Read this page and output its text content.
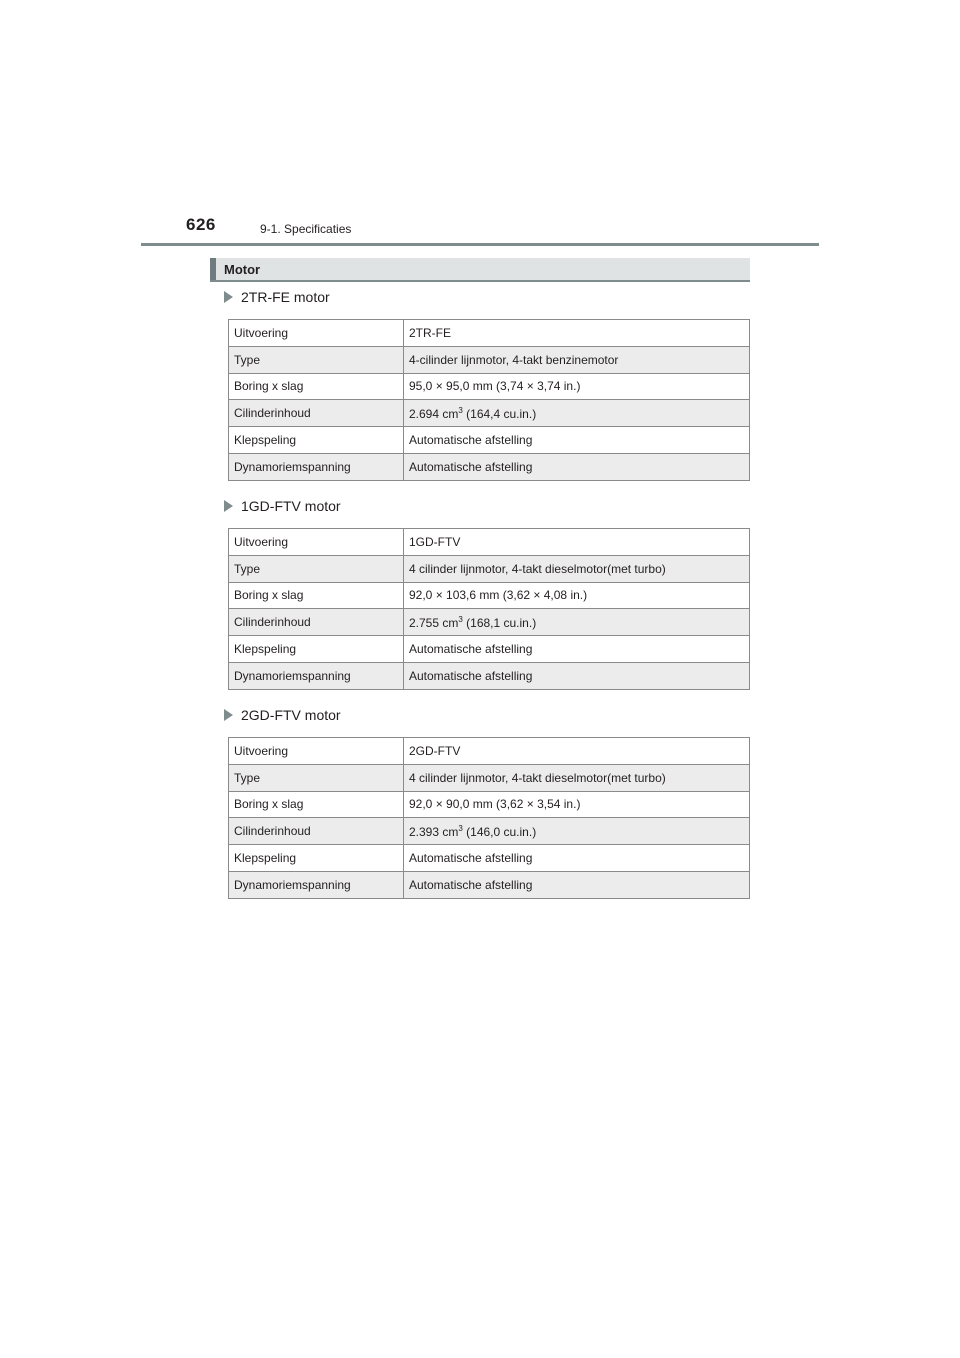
626	9-1. Specificaties
Motor
2TR-FE motor
Uitvoering	2TR-FE
Type	4-cilinder lijnmotor, 4-takt benzinemotor
Boring x slag	95,0 × 95,0 mm (3,74 × 3,74 in.)
Cilinderinhoud	2.694 $cm^3$ (164,4 cu.in.)
Klepspeling	Automatische afstelling
Dynamoriemspanning	Automatische afstelling
1GD-FTV motor
Uitvoering	1GD-FTV
Type	4 cilinder lijnmotor, 4-takt dieselmotor(met turbo)
Boring x slag	92,0 × 103,6 mm (3,62 × 4,08 in.)
Cilinderinhoud	2.755 $cm^3$ (168,1 cu.in.)
Klepspeling	Automatische afstelling
Dynamoriemspanning	Automatische afstelling
2GD-FTV motor
Uitvoering	2GD-FTV
Type	4 cilinder lijnmotor, 4-takt dieselmotor(met turbo)
Boring x slag	92,0 × 90,0 mm (3,62 × 3,54 in.)
Cilinderinhoud	2.393 $cm^3$ (146,0 cu.in.)
Klepspeling	Automatische afstelling
Dynamoriemspanning	Automatische afstelling
